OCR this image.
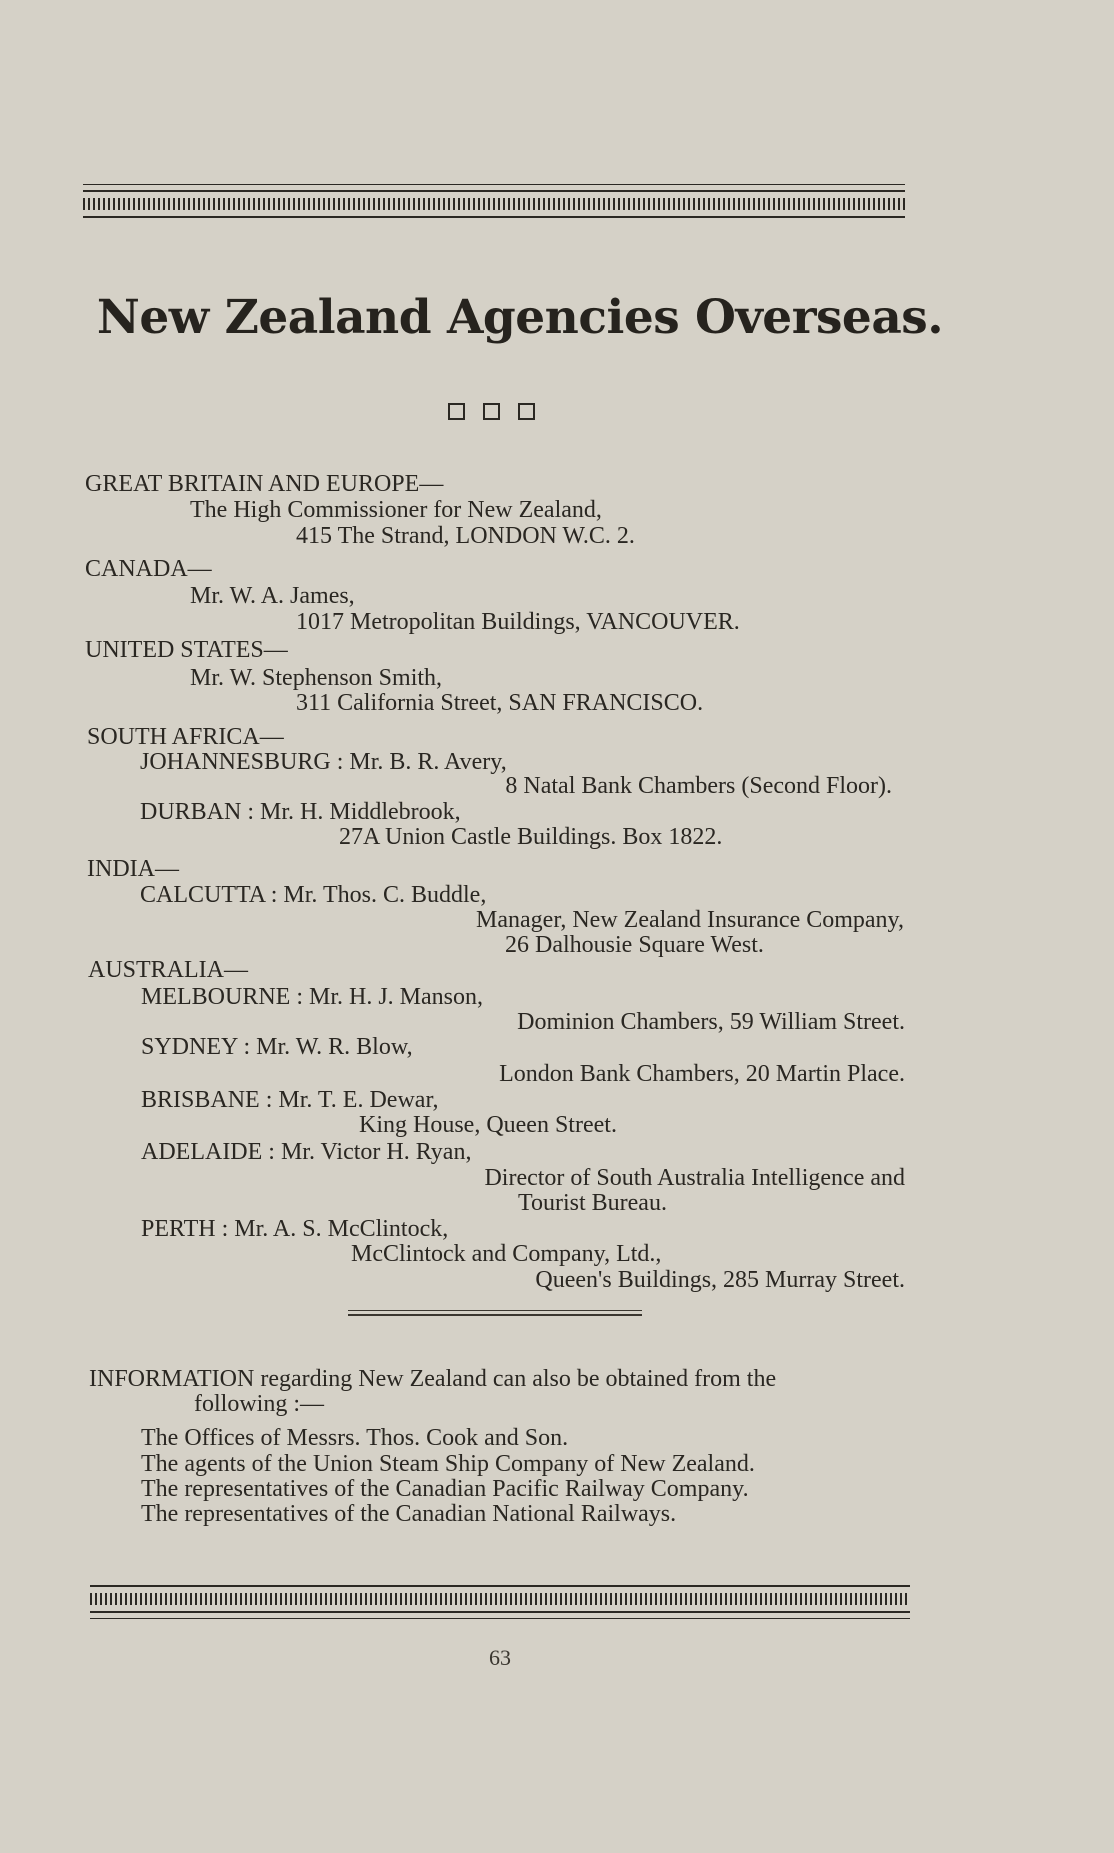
New Zealand Agencies Overseas.
GREAT BRITAIN AND EUROPE—
The High Commissioner for New Zealand,
415 The Strand, LONDON W.C. 2.
CANADA—
Mr. W. A. James,
1017 Metropolitan Buildings, VANCOUVER.
UNITED STATES—
Mr. W. Stephenson Smith,
311 California Street, SAN FRANCISCO.
SOUTH AFRICA—
JOHANNESBURG : Mr. B. R. Avery,
8 Natal Bank Chambers (Second Floor).
DURBAN : Mr. H. Middlebrook,
27A Union Castle Buildings. Box 1822.
INDIA—
CALCUTTA : Mr. Thos. C. Buddle,
Manager, New Zealand Insurance Company,
26 Dalhousie Square West.
AUSTRALIA—
MELBOURNE : Mr. H. J. Manson,
Dominion Chambers, 59 William Street.
SYDNEY : Mr. W. R. Blow,
London Bank Chambers, 20 Martin Place.
BRISBANE : Mr. T. E. Dewar,
King House, Queen Street.
ADELAIDE : Mr. Victor H. Ryan,
Director of South Australia Intelligence and
Tourist Bureau.
PERTH : Mr. A. S. McClintock,
McClintock and Company, Ltd.,
Queen's Buildings, 285 Murray Street.
INFORMATION regarding New Zealand can also be obtained from the
following :—
The Offices of Messrs. Thos. Cook and Son.
The agents of the Union Steam Ship Company of New Zealand.
The representatives of the Canadian Pacific Railway Company.
The representatives of the Canadian National Railways.
63
